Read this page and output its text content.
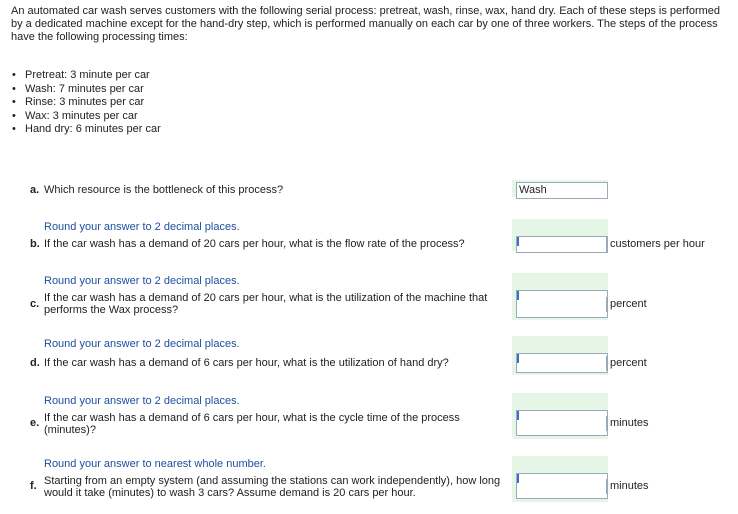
An automated car wash serves customers with the following serial process: pretreat, wash, rinse, wax, hand dry. Each of these steps is performed by a dedicated machine except for the hand-dry step, which is performed manually on each car by one of three workers. The steps of the process have the following processing times:
• Pretreat: 3 minute per car
• Wash: 7 minutes per car
• Rinse: 3 minutes per car
• Wax: 3 minutes per car
• Hand dry: 6 minutes per car
a. Which resource is the bottleneck of this process?	Wash
Round your answer to 2 decimal places.
b. If the car wash has a demand of 20 cars per hour, what is the flow rate of the process?	customers per hour
Round your answer to 2 decimal places.
c. If the car wash has a demand of 20 cars per hour, what is the utilization of the machine that performs the Wax process?	percent
Round your answer to 2 decimal places.
d. If the car wash has a demand of 6 cars per hour, what is the utilization of hand dry?	percent
Round your answer to 2 decimal places.
e. If the car wash has a demand of 6 cars per hour, what is the cycle time of the process (minutes)?
minutes
Round your answer to nearest whole number.
f. Starting from an empty system (and assuming the stations can work independently), how long would it take (minutes) to wash 3 cars? Assume demand is 20 cars per hour.
minutes
